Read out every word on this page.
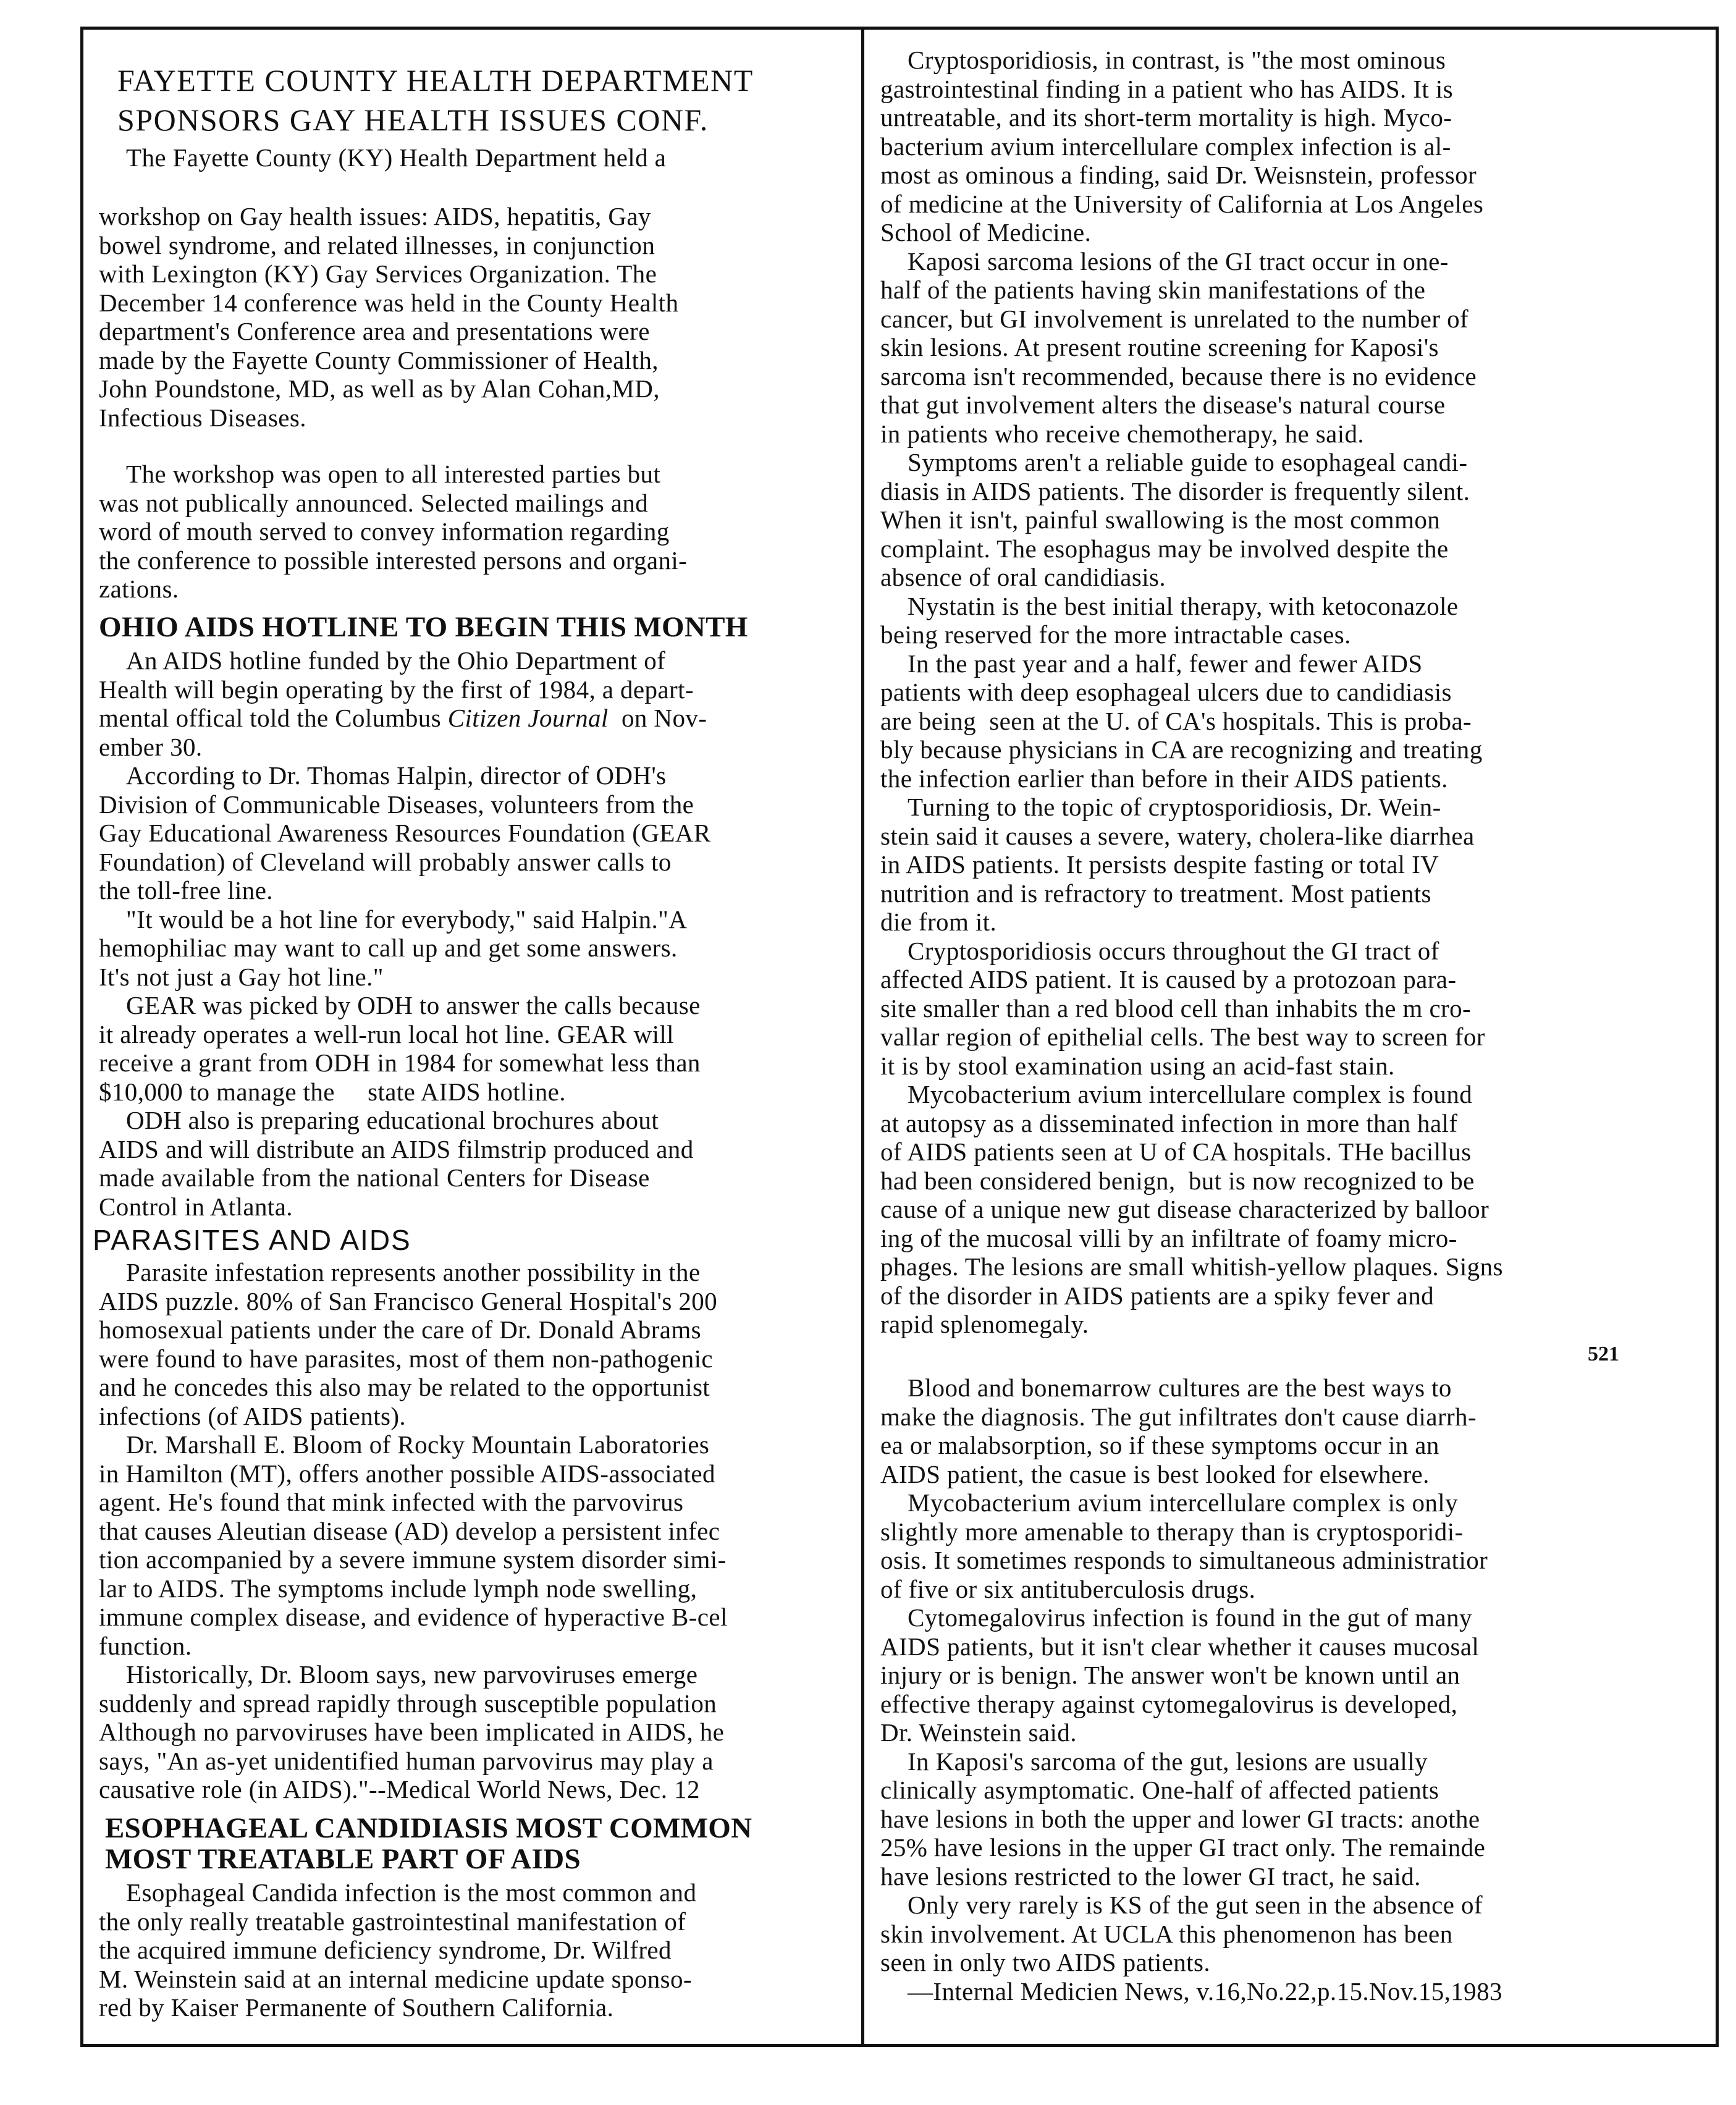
FAYETTE COUNTY HEALTH DEPARTMENT
SPONSORS GAY HEALTH ISSUES CONF.
The Fayette County (KY) Health Department held a
workshop on Gay health issues: AIDS, hepatitis, Gay
bowel syndrome, and related illnesses, in conjunction
with Lexington (KY) Gay Services Organization. The
December 14 conference was held in the County Health
department's Conference area and presentations were
made by the Fayette County Commissioner of Health,
John Poundstone, MD, as well as by Alan Cohan,MD,
Infectious Diseases.
The workshop was open to all interested parties but
was not publically announced. Selected mailings and
word of mouth served to convey information regarding
the conference to possible interested persons and organi-
zations.
OHIO AIDS HOTLINE TO BEGIN THIS MONTH
An AIDS hotline funded by the Ohio Department of
Health will begin operating by the first of 1984, a depart-
mental offical told the Columbus Citizen Journal  on Nov-
ember 30.
According to Dr. Thomas Halpin, director of ODH's
Division of Communicable Diseases, volunteers from the
Gay Educational Awareness Resources Foundation (GEAR
Foundation) of Cleveland will probably answer calls to
the toll-free line.
"It would be a hot line for everybody," said Halpin."A
hemophiliac may want to call up and get some answers.
It's not just a Gay hot line."
GEAR was picked by ODH to answer the calls because
it already operates a well-run local hot line. GEAR will
receive a grant from ODH in 1984 for somewhat less than
$10,000 to manage the     state AIDS hotline.
ODH also is preparing educational brochures about
AIDS and will distribute an AIDS filmstrip produced and
made available from the national Centers for Disease
Control in Atlanta.
PARASITES AND AIDS
Parasite infestation represents another possibility in the
AIDS puzzle. 80% of San Francisco General Hospital's 200
homosexual patients under the care of Dr. Donald Abrams
were found to have parasites, most of them non-pathogenic
and he concedes this also may be related to the opportunist
infections (of AIDS patients).
Dr. Marshall E. Bloom of Rocky Mountain Laboratories
in Hamilton (MT), offers another possible AIDS-associated
agent. He's found that mink infected with the parvovirus
that causes Aleutian disease (AD) develop a persistent infec
tion accompanied by a severe immune system disorder simi-
lar to AIDS. The symptoms include lymph node swelling,
immune complex disease, and evidence of hyperactive B-cel
function.
Historically, Dr. Bloom says, new parvoviruses emerge
suddenly and spread rapidly through susceptible population
Although no parvoviruses have been implicated in AIDS, he
says, "An as-yet unidentified human parvovirus may play a
causative role (in AIDS)."--Medical World News, Dec. 12
ESOPHAGEAL CANDIDIASIS MOST COMMON
MOST TREATABLE PART OF AIDS
Esophageal Candida infection is the most common and
the only really treatable gastrointestinal manifestation of
the acquired immune deficiency syndrome, Dr. Wilfred
M. Weinstein said at an internal medicine update sponso-
red by Kaiser Permanente of Southern California.
Cryptosporidiosis, in contrast, is "the most ominous
gastrointestinal finding in a patient who has AIDS. It is
untreatable, and its short-term mortality is high. Myco-
bacterium avium intercellulare complex infection is al-
most as ominous a finding, said Dr. Weisnstein, professor
of medicine at the University of California at Los Angeles
School of Medicine.
Kaposi sarcoma lesions of the GI tract occur in one-
half of the patients having skin manifestations of the
cancer, but GI involvement is unrelated to the number of
skin lesions. At present routine screening for Kaposi's
sarcoma isn't recommended, because there is no evidence
that gut involvement alters the disease's natural course
in patients who receive chemotherapy, he said.
Symptoms aren't a reliable guide to esophageal candi-
diasis in AIDS patients. The disorder is frequently silent.
When it isn't, painful swallowing is the most common
complaint. The esophagus may be involved despite the
absence of oral candidiasis.
Nystatin is the best initial therapy, with ketoconazole
being reserved for the more intractable cases.
In the past year and a half, fewer and fewer AIDS
patients with deep esophageal ulcers due to candidiasis
are being  seen at the U. of CA's hospitals. This is proba-
bly because physicians in CA are recognizing and treating
the infection earlier than before in their AIDS patients.
Turning to the topic of cryptosporidiosis, Dr. Wein-
stein said it causes a severe, watery, cholera-like diarrhea
in AIDS patients. It persists despite fasting or total IV
nutrition and is refractory to treatment. Most patients
die from it.
Cryptosporidiosis occurs throughout the GI tract of
affected AIDS patient. It is caused by a protozoan para-
site smaller than a red blood cell than inhabits the m cro-
vallar region of epithelial cells. The best way to screen for
it is by stool examination using an acid-fast stain.
Mycobacterium avium intercellulare complex is found
at autopsy as a disseminated infection in more than half
of AIDS patients seen at U of CA hospitals. THe bacillus
had been considered benign,  but is now recognized to be
cause of a unique new gut disease characterized by balloor
ing of the mucosal villi by an infiltrate of foamy micro-
phages. The lesions are small whitish-yellow plaques. Signs
of the disorder in AIDS patients are a spiky fever and
rapid splenomegaly.
521
Blood and bonemarrow cultures are the best ways to
make the diagnosis. The gut infiltrates don't cause diarrh-
ea or malabsorption, so if these symptoms occur in an
AIDS patient, the casue is best looked for elsewhere.
Mycobacterium avium intercellulare complex is only
slightly more amenable to therapy than is cryptosporidi-
osis. It sometimes responds to simultaneous administratior
of five or six antituberculosis drugs.
Cytomegalovirus infection is found in the gut of many
AIDS patients, but it isn't clear whether it causes mucosal
injury or is benign. The answer won't be known until an
effective therapy against cytomegalovirus is developed,
Dr. Weinstein said.
In Kaposi's sarcoma of the gut, lesions are usually
clinically asymptomatic. One-half of affected patients
have lesions in both the upper and lower GI tracts: anothe
25% have lesions in the upper GI tract only. The remainde
have lesions restricted to the lower GI tract, he said.
Only very rarely is KS of the gut seen in the absence of
skin involvement. At UCLA this phenomenon has been
seen in only two AIDS patients.
—Internal Medicien News, v.16,No.22,p.15.Nov.15,1983
